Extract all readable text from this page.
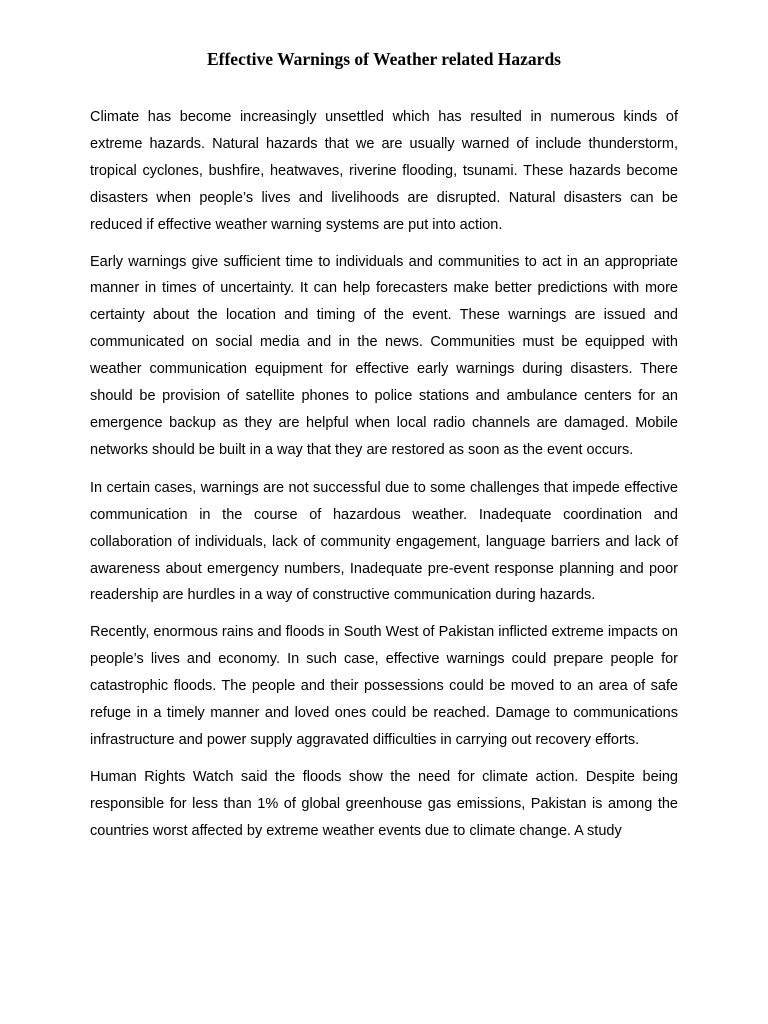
Effective Warnings of Weather related Hazards

Climate has become increasingly unsettled which has resulted in numerous kinds of extreme hazards. Natural hazards that we are usually warned of include thunderstorm, tropical cyclones, bushfire, heatwaves, riverine flooding, tsunami. These hazards become disasters when people’s lives and livelihoods are disrupted. Natural disasters can be reduced if effective weather warning systems are put into action.

Early warnings give sufficient time to individuals and communities to act in an appropriate manner in times of uncertainty. It can help forecasters make better predictions with more certainty about the location and timing of the event. These warnings are issued and communicated on social media and in the news. Communities must be equipped with weather communication equipment for effective early warnings during disasters. There should be provision of satellite phones to police stations and ambulance centers for an emergence backup as they are helpful when local radio channels are damaged. Mobile networks should be built in a way that they are restored as soon as the event occurs.

In certain cases, warnings are not successful due to some challenges that impede effective communication in the course of hazardous weather. Inadequate coordination and collaboration of individuals, lack of community engagement, language barriers and lack of awareness about emergency numbers, Inadequate pre-event response planning and poor readership are hurdles in a way of constructive communication during hazards.

Recently, enormous rains and floods in South West of Pakistan inflicted extreme impacts on people’s lives and economy. In such case, effective warnings could prepare people for catastrophic floods. The people and their possessions could be moved to an area of safe refuge in a timely manner and loved ones could be reached. Damage to communications infrastructure and power supply aggravated difficulties in carrying out recovery efforts.

Human Rights Watch said the floods show the need for climate action. Despite being responsible for less than 1% of global greenhouse gas emissions, Pakistan is among the countries worst affected by extreme weather events due to climate change. A study
